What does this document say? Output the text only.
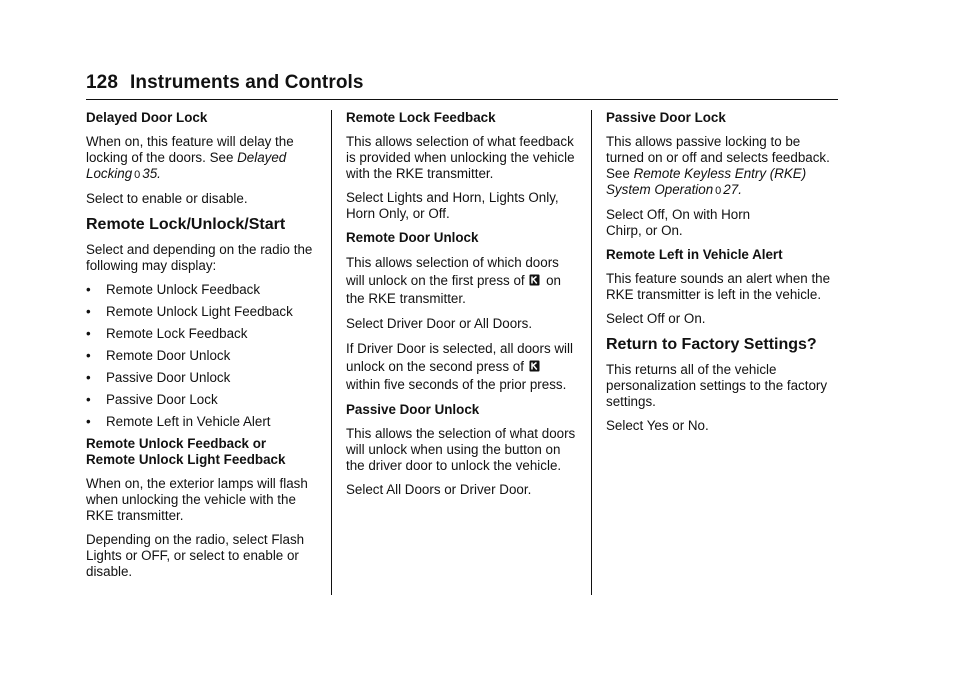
128 Instruments and Controls

Delayed Door Lock

When on, this feature will delay the locking of the doors. See Delayed Locking 0 35.

Select to enable or disable.

Remote Lock/Unlock/Start

Select and depending on the radio the following may display:

• Remote Unlock Feedback
• Remote Unlock Light Feedback
• Remote Lock Feedback
• Remote Door Unlock
• Passive Door Unlock
• Passive Door Lock
• Remote Left in Vehicle Alert

Remote Unlock Feedback or Remote Unlock Light Feedback

When on, the exterior lamps will flash when unlocking the vehicle with the RKE transmitter.

Depending on the radio, select Flash Lights or OFF, or select to enable or disable.

Remote Lock Feedback

This allows selection of what feedback is provided when unlocking the vehicle with the RKE transmitter.

Select Lights and Horn, Lights Only, Horn Only, or Off.

Remote Door Unlock

This allows selection of which doors will unlock on the first press of on the RKE transmitter.

Select Driver Door or All Doors.

If Driver Door is selected, all doors will unlock on the second press of  within five seconds of the prior press.

Passive Door Unlock

This allows the selection of what doors will unlock when using the button on the driver door to unlock the vehicle.

Select All Doors or Driver Door.

Passive Door Lock

This allows passive locking to be turned on or off and selects feedback. See Remote Keyless Entry (RKE) System Operation 0 27.

Select Off, On with Horn
Chirp, or On.

Remote Left in Vehicle Alert

This feature sounds an alert when the RKE transmitter is left in the vehicle.

Select Off or On.

Return to Factory Settings?

This returns all of the vehicle personalization settings to the factory settings.

Select Yes or No.
